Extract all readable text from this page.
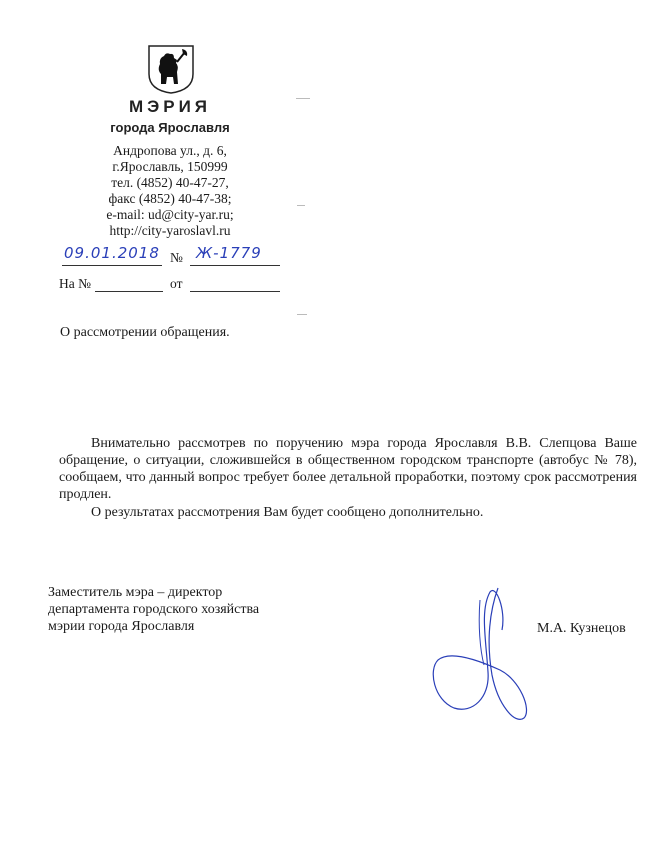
МЭРИЯ
города Ярославля
Андропова ул., д. 6,
г.Ярославль, 150999
тел. (4852) 40-47-27,
факс (4852) 40-47-38;
e-mail: ud@city-yar.ru;
http://city-yaroslavl.ru
09.01.2018 № Ж-1779
На №	от
О рассмотрении обращения.

Внимательно рассмотрев по поручению мэра города Ярославля В.В. Слепцова Ваше обращение, о ситуации, сложившейся в общественном городском транспорте (автобус № 78), сообщаем, что данный вопрос требует более детальной проработки, поэтому срок рассмотрения продлен.

О результатах рассмотрения Вам будет сообщено дополнительно.

Заместитель мэра – директор
департамента городского хозяйства
мэрии города Ярославля	М.А. Кузнецов
